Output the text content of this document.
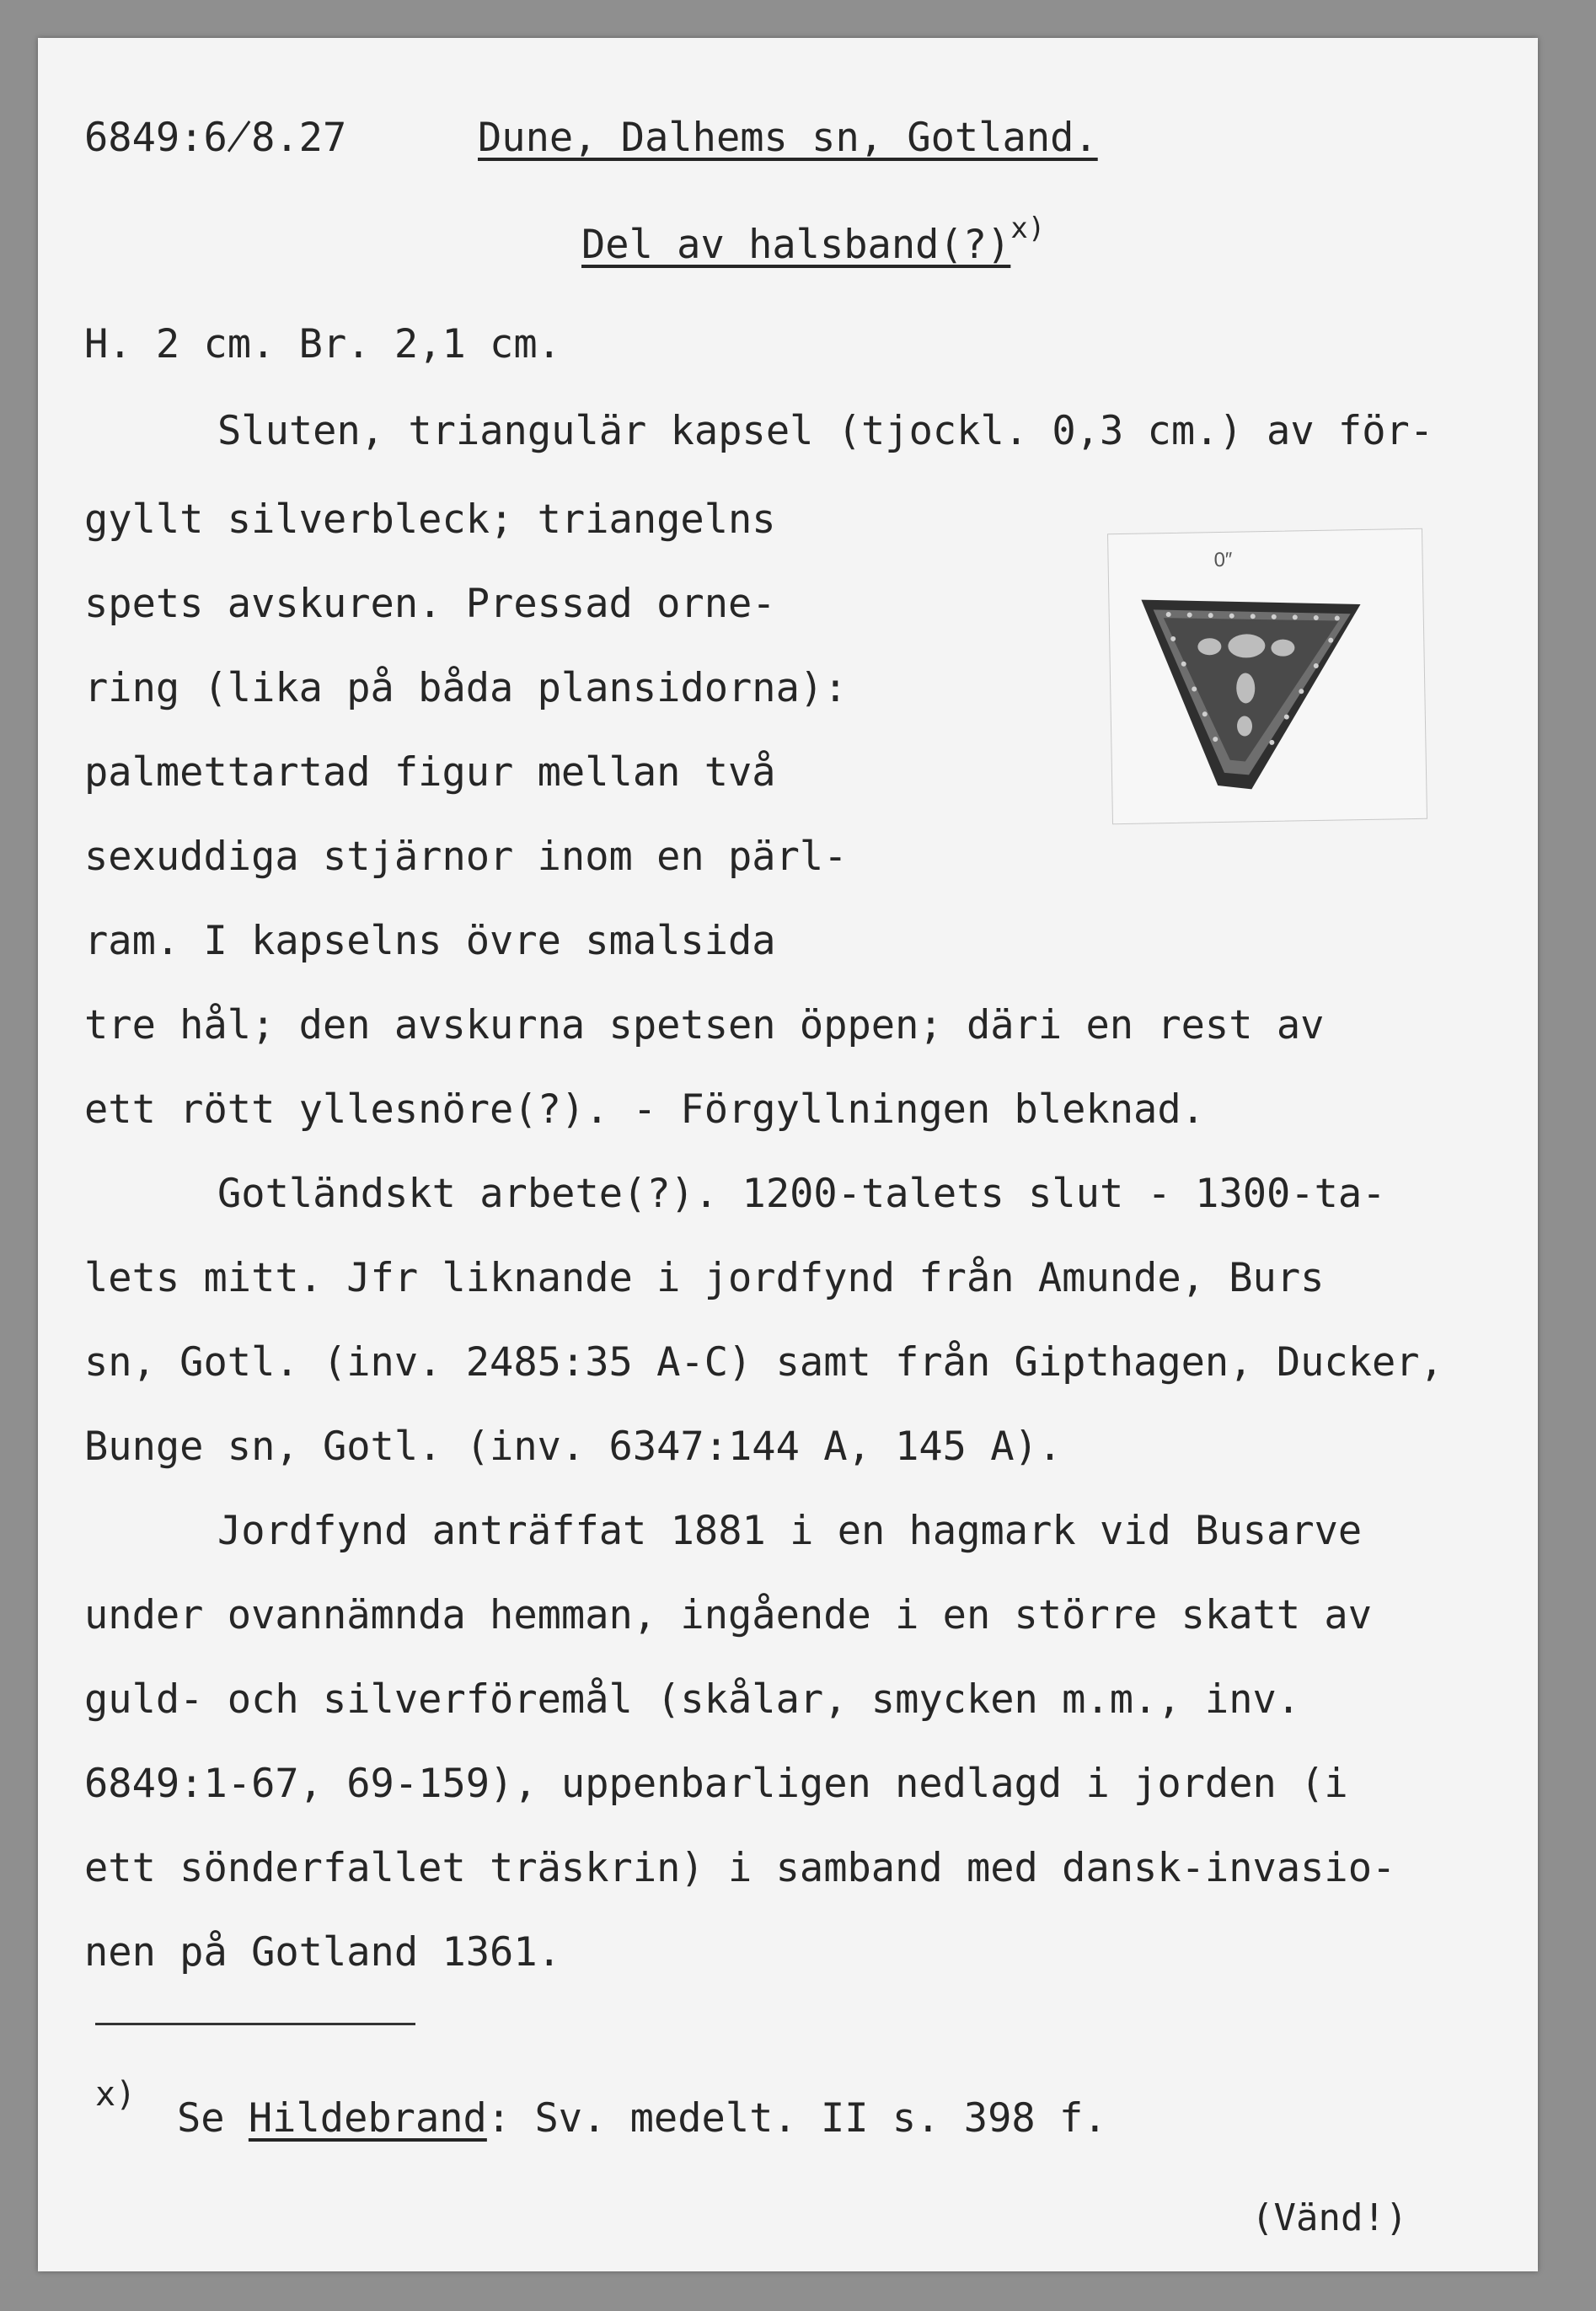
6849:6̸8.27	Dune, Dalhems sn, Gotland.
Del av halsband(?)$^{x)}$
H. 2 cm. Br. 2,1 cm.
Sluten, triangulär kapsel (tjockl. 0,3 cm.) av för-
gyllt silverbleck; triangelns
spets avskuren. Pressad orne-
ring (lika på båda plansidorna):
palmettartad figur mellan två
sexuddiga stjärnor inom en pärl-
ram. I kapselns övre smalsida
tre hål; den avskurna spetsen öppen; däri en rest av
ett rött yllesnöre(?). - Förgyllningen bleknad.
Gotländskt arbete(?). 1200-talets slut - 1300-ta-
lets mitt. Jfr liknande i jordfynd från Amunde, Burs
sn, Gotl. (inv. 2485:35 A-C) samt från Gipthagen, Ducker,
Bunge sn, Gotl. (inv. 6347:144 A, 145 A).
Jordfynd anträffat 1881 i en hagmark vid Busarve
under ovannämnda hemman, ingående i en större skatt av
guld- och silverföremål (skålar, smycken m.m., inv.
6849:1-67, 69-159), uppenbarligen nedlagd i jorden (i
ett sönderfallet träskrin) i samband med dansk-invasio-
nen på Gotland 1361.
0″
x)
Se Hildebrand: Sv. medelt. II s. 398 f.
(Vänd!)
